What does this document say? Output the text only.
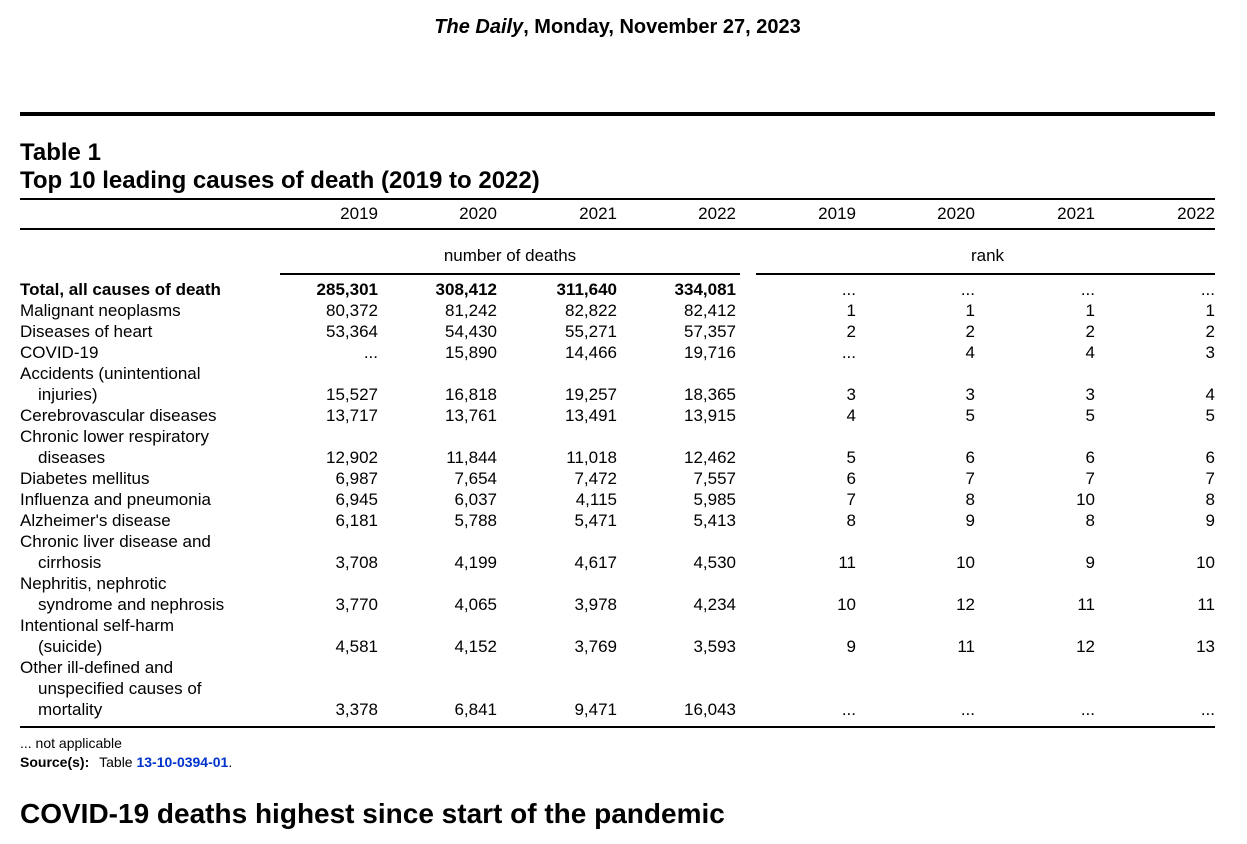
The Daily, Monday, November 27, 2023
Table 1
Top 10 leading causes of death (2019 to 2022)
2019	2020	2021	2022	2019	2020	2021	2022
number of deaths	rank
Total, all causes of death	285,301	308,412	311,640	334,081	...	...	...	...
Malignant neoplasms	80,372	81,242	82,822	82,412	1	1	1	1
Diseases of heart	53,364	54,430	55,271	57,357	2	2	2	2
COVID-19	...	15,890	14,466	19,716	...	4	4	3
Accidents (unintentional
injuries)	15,527	16,818	19,257	18,365	3	3	3	4
Cerebrovascular diseases	13,717	13,761	13,491	13,915	4	5	5	5
Chronic lower respiratory
diseases	12,902	11,844	11,018	12,462	5	6	6	6
Diabetes mellitus	6,987	7,654	7,472	7,557	6	7	7	7
Influenza and pneumonia	6,945	6,037	4,115	5,985	7	8	10	8
Alzheimer's disease	6,181	5,788	5,471	5,413	8	9	8	9
Chronic liver disease and
cirrhosis	3,708	4,199	4,617	4,530	11	10	9	10
Nephritis, nephrotic
syndrome and nephrosis	3,770	4,065	3,978	4,234	10	12	11	11
Intentional self-harm
(suicide)	4,581	4,152	3,769	3,593	9	11	12	13
Other ill-defined and
unspecified causes of
mortality	3,378	6,841	9,471	16,043	...	...	...	...
... not applicable
Source(s): Table 13-10-0394-01.
COVID-19 deaths highest since start of the pandemic
